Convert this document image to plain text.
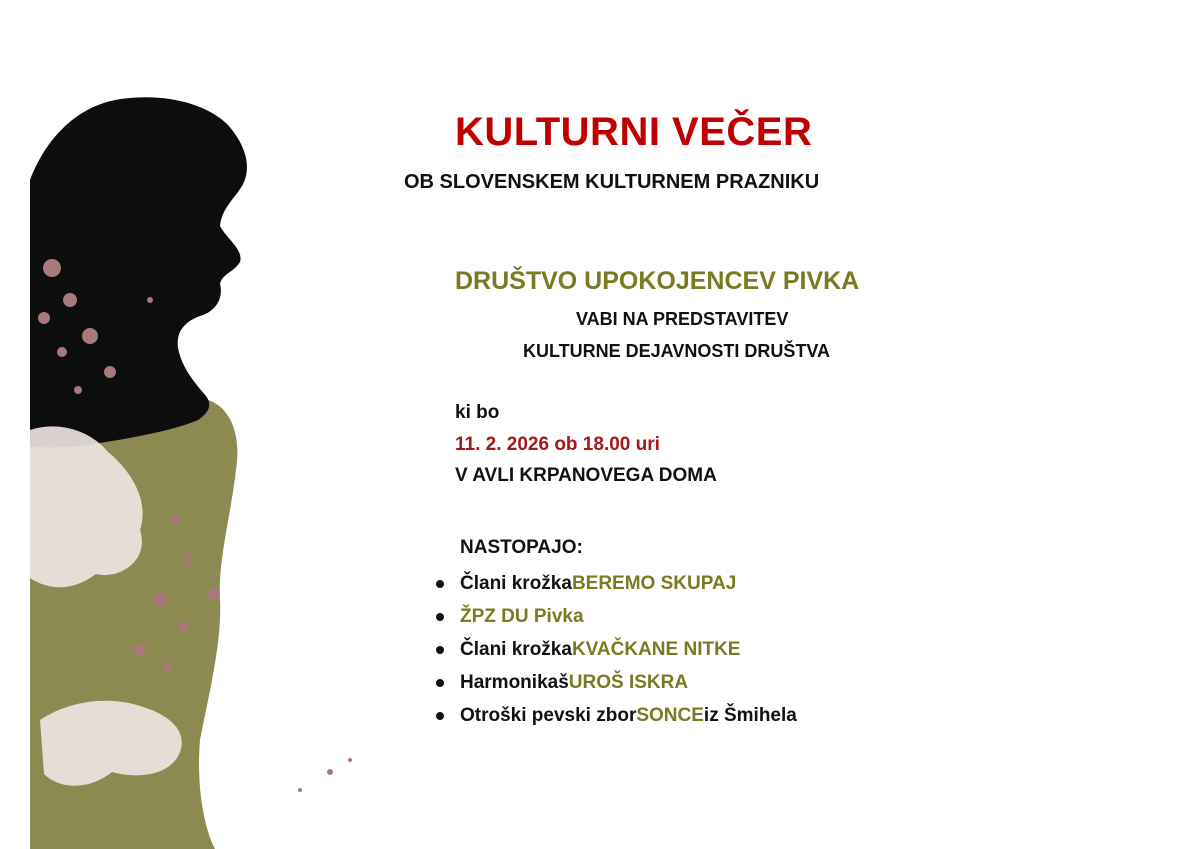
KULTURNI VEČER

OB SLOVENSKEM KULTURNEM PRAZNIKU

DRUŠTVO UPOKOJENCEV PIVKA

VABI NA PREDSTAVITEV

KULTURNE DEJAVNOSTI DRUŠTVA

ki bo

11. 2. 2026 ob 18.00 uri

V AVLI KRPANOVEGA DOMA

NASTOPAJO:

Člani krožka BEREMO SKUPAJ
ŽPZ DU Pivka
Člani krožka KVAČKANE NITKE
Harmonikaš UROŠ ISKRA
Otroški pevski zbor SONCE iz Šmihela
